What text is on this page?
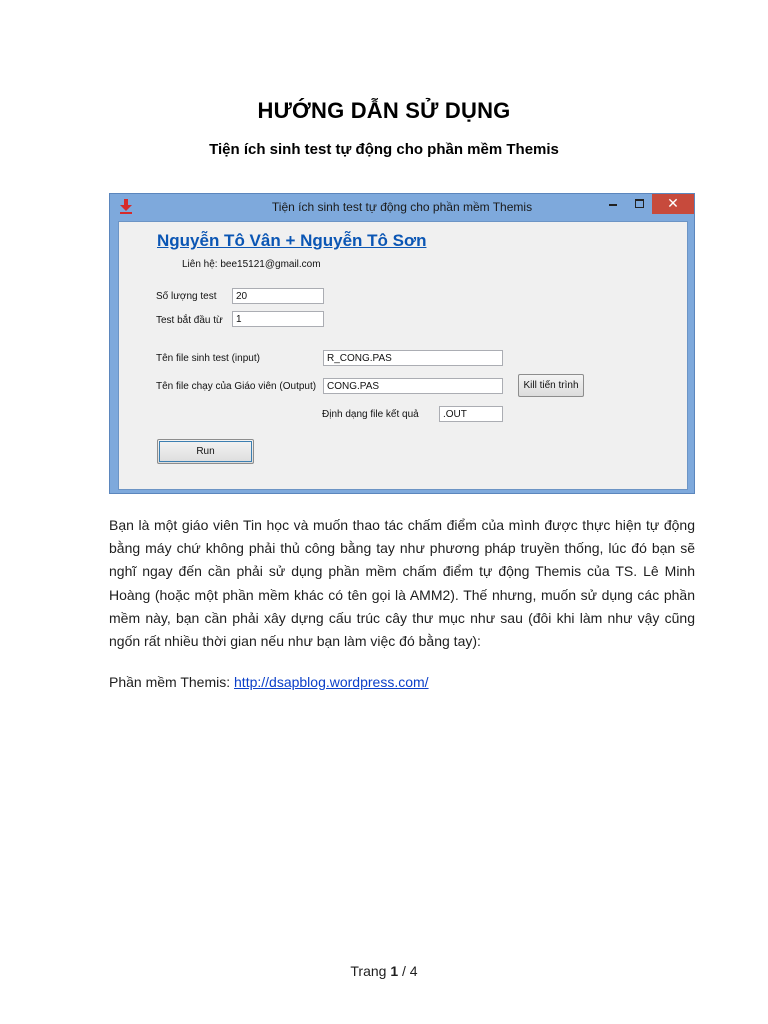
HƯỚNG DẪN SỬ DỤNG
Tiện ích sinh test tự động cho phần mềm Themis
Tiện ích sinh test tự động cho phần mềm Themis	✕
Nguyễn Tô Vân + Nguyễn Tô Sơn
Liên hệ: bee15121@gmail.com
Số lượng test
20
Test bắt đầu từ
1
Tên file sinh test (input)
R_CONG.PAS
Tên file chạy của Giáo viên (Output)
CONG.PAS	Kill tiến trình
Định dạng file kết quả
.OUT
Run
Bạn là một giáo viên Tin học và muốn thao tác chấm điểm của mình được thực hiện tự động
bằng máy chứ không phải thủ công bằng tay như phương pháp truyền thống, lúc đó bạn sẽ
nghĩ ngay đến cần phải sử dụng phần mềm chấm điểm tự động Themis của TS. Lê Minh
Hoàng (hoặc một phần mềm khác có tên gọi là AMM2). Thế nhưng, muốn sử dụng các phần
mềm này, bạn cần phải xây dựng cấu trúc cây thư mục như sau (đôi khi làm như vậy cũng
ngốn rất nhiều thời gian nếu như bạn làm việc đó bằng tay):
Phần mềm Themis: http://dsapblog.wordpress.com/
Trang 1 / 4
